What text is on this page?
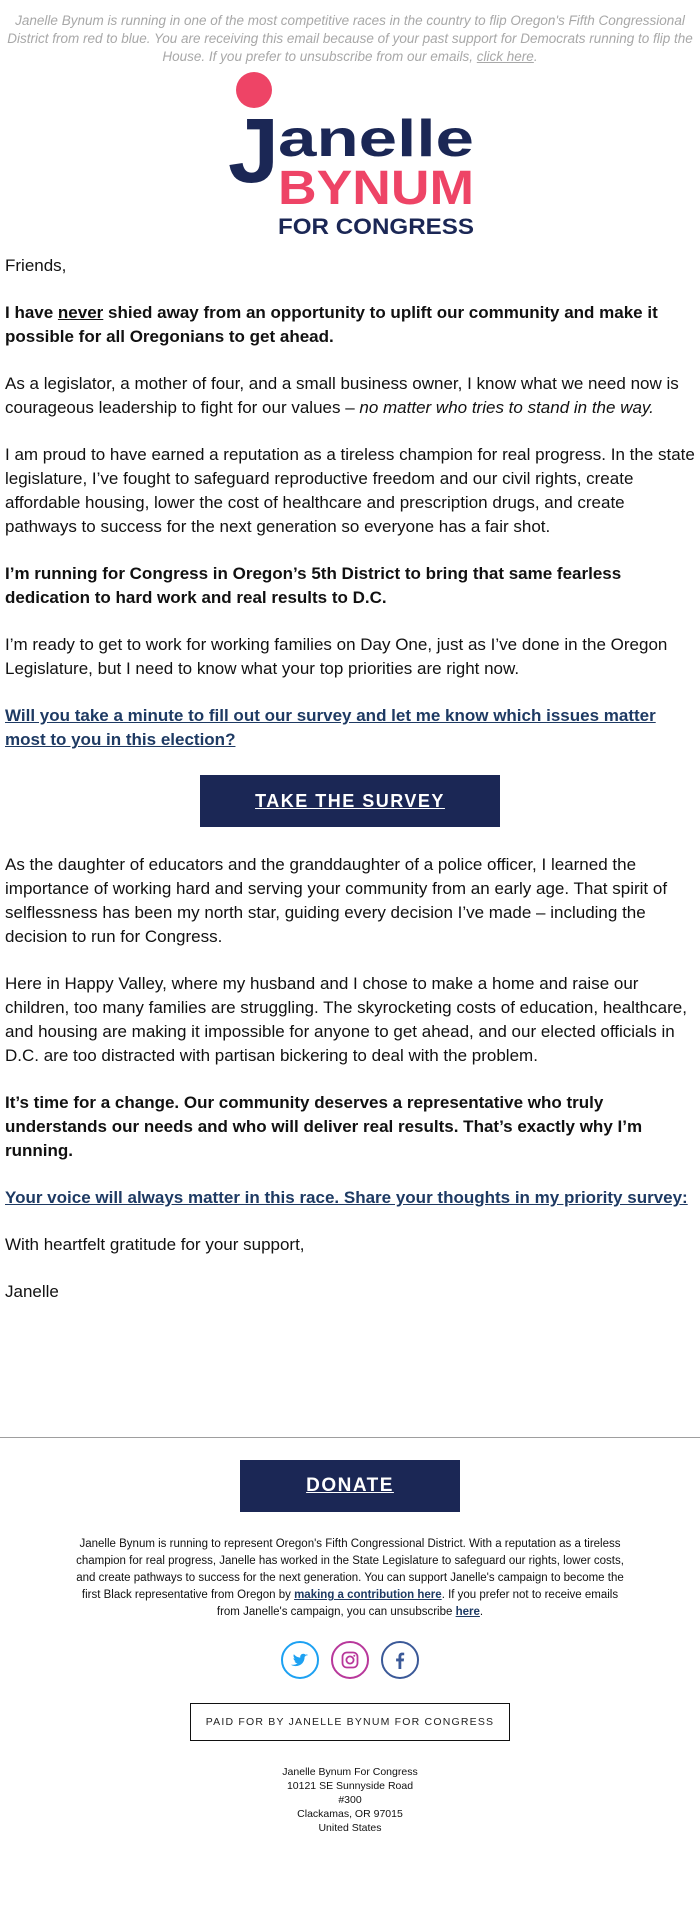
Janelle Bynum is running in one of the most competitive races in the country to flip Oregon's Fifth Congressional District from red to blue. You are receiving this email because of your past support for Democrats running to flip the House. If you prefer to unsubscribe from our emails, click here.
J
anelle
BYNUM
FOR CONGRESS

Friends,

I have never shied away from an opportunity to uplift our community and make it possible for all Oregonians to get ahead.

As a legislator, a mother of four, and a small business owner, I know what we need now is courageous leadership to fight for our values – no matter who tries to stand in the way.

I am proud to have earned a reputation as a tireless champion for real progress. In the state legislature, I’ve fought to safeguard reproductive freedom and our civil rights, create affordable housing, lower the cost of healthcare and prescription drugs, and create pathways to success for the next generation so everyone has a fair shot.

I’m running for Congress in Oregon’s 5th District to bring that same fearless dedication to hard work and real results to D.C.

I’m ready to get to work for working families on Day One, just as I’ve done in the Oregon Legislature, but I need to know what your top priorities are right now.

Will you take a minute to fill out our survey and let me know which issues matter most to you in this election?

TAKE THE SURVEY

As the daughter of educators and the granddaughter of a police officer, I learned the importance of working hard and serving your community from an early age. That spirit of selflessness has been my north star, guiding every decision I’ve made – including the decision to run for Congress.

Here in Happy Valley, where my husband and I chose to make a home and raise our children, too many families are struggling. The skyrocketing costs of education, healthcare, and housing are making it impossible for anyone to get ahead, and our elected officials in D.C. are too distracted with partisan bickering to deal with the problem.

It’s time for a change. Our community deserves a representative who truly understands our needs and who will deliver real results. That’s exactly why I’m running.

Your voice will always matter in this race. Share your thoughts in my priority survey:

With heartfelt gratitude for your support,

Janelle

DONATE
Janelle Bynum is running to represent Oregon's Fifth Congressional District. With a reputation as a tireless champion for real progress, Janelle has worked in the State Legislature to safeguard our rights, lower costs, and create pathways to success for the next generation. You can support Janelle's campaign to become the first Black representative from Oregon by making a contribution here. If you prefer not to receive emails from Janelle's campaign, you can unsubscribe here.

PAID FOR BY JANELLE BYNUM FOR CONGRESS
Janelle Bynum For Congress
10121 SE Sunnyside Road
#300
Clackamas, OR 97015
United States
